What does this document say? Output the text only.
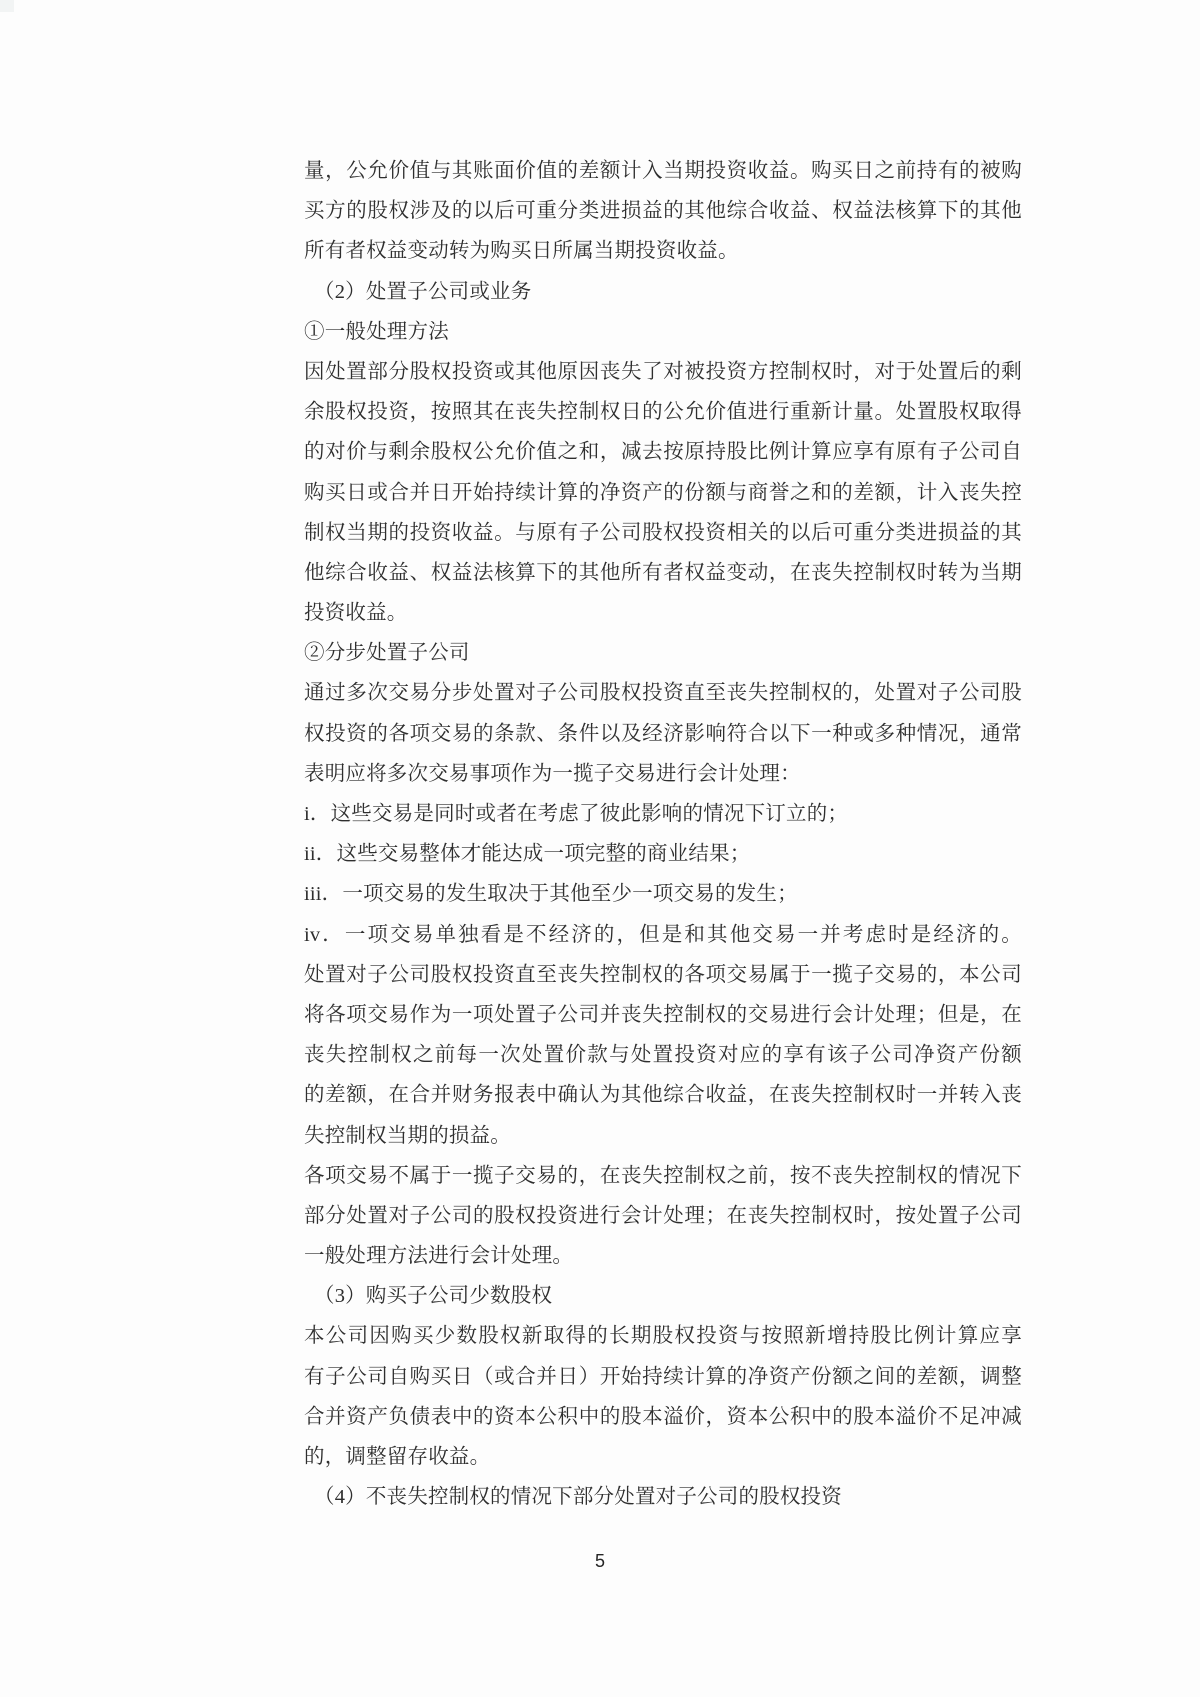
量，公允价值与其账面价值的差额计入当期投资收益。购买日之前持有的被购
买方的股权涉及的以后可重分类进损益的其他综合收益、权益法核算下的其他
所有者权益变动转为购买日所属当期投资收益。
（2）处置子公司或业务
①一般处理方法
因处置部分股权投资或其他原因丧失了对被投资方控制权时，对于处置后的剩
余股权投资，按照其在丧失控制权日的公允价值进行重新计量。处置股权取得
的对价与剩余股权公允价值之和，减去按原持股比例计算应享有原有子公司自
购买日或合并日开始持续计算的净资产的份额与商誉之和的差额，计入丧失控
制权当期的投资收益。与原有子公司股权投资相关的以后可重分类进损益的其
他综合收益、权益法核算下的其他所有者权益变动，在丧失控制权时转为当期
投资收益。
②分步处置子公司
通过多次交易分步处置对子公司股权投资直至丧失控制权的，处置对子公司股
权投资的各项交易的条款、条件以及经济影响符合以下一种或多种情况，通常
表明应将多次交易事项作为一揽子交易进行会计处理：
i．这些交易是同时或者在考虑了彼此影响的情况下订立的；
ii．这些交易整体才能达成一项完整的商业结果；
iii．一项交易的发生取决于其他至少一项交易的发生；
iv．一项交易单独看是不经济的，但是和其他交易一并考虑时是经济的。
处置对子公司股权投资直至丧失控制权的各项交易属于一揽子交易的，本公司
将各项交易作为一项处置子公司并丧失控制权的交易进行会计处理；但是，在
丧失控制权之前每一次处置价款与处置投资对应的享有该子公司净资产份额
的差额，在合并财务报表中确认为其他综合收益，在丧失控制权时一并转入丧
失控制权当期的损益。
各项交易不属于一揽子交易的，在丧失控制权之前，按不丧失控制权的情况下
部分处置对子公司的股权投资进行会计处理；在丧失控制权时，按处置子公司
一般处理方法进行会计处理。
（3）购买子公司少数股权
本公司因购买少数股权新取得的长期股权投资与按照新增持股比例计算应享
有子公司自购买日（或合并日）开始持续计算的净资产份额之间的差额，调整
合并资产负债表中的资本公积中的股本溢价，资本公积中的股本溢价不足冲减
的，调整留存收益。
（4）不丧失控制权的情况下部分处置对子公司的股权投资
5
